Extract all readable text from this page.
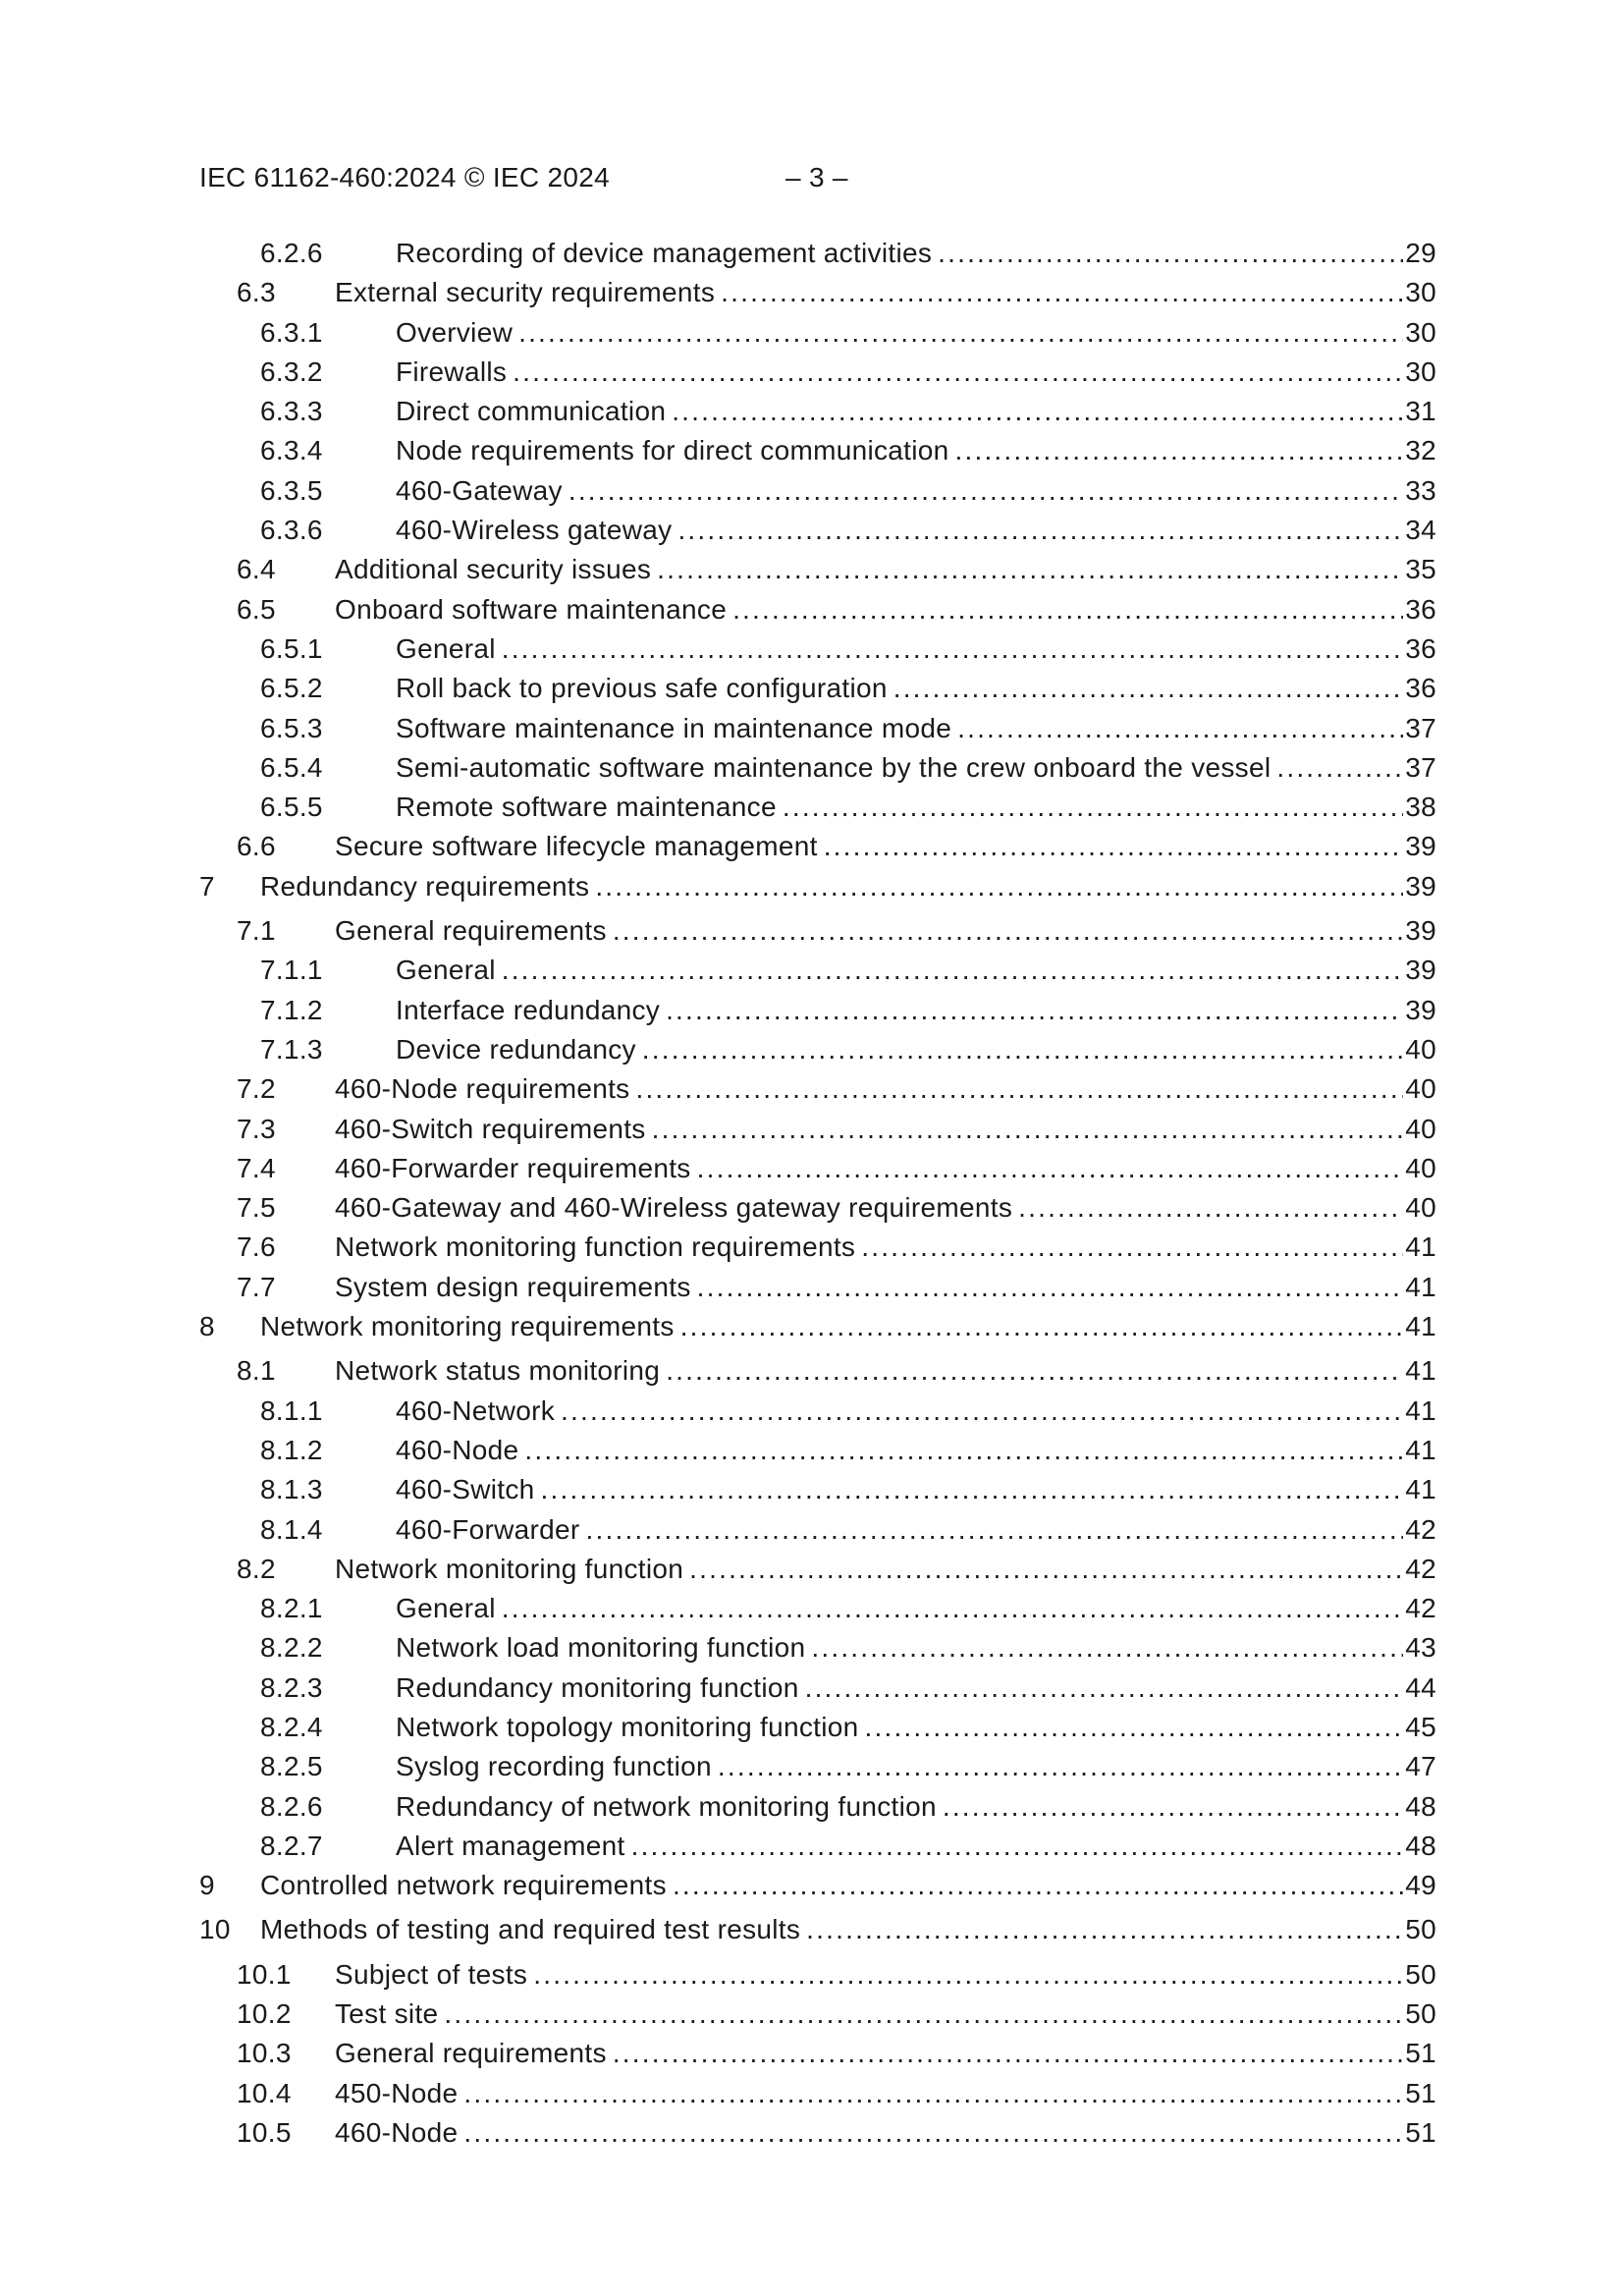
IEC 61162-460:2024 © IEC 2024	– 3 –
6.2.6	Recording of device management activities .....	29
6.3	External security requirements .....	30
6.3.1	Overview .....	30
6.3.2	Firewalls .....	30
6.3.3	Direct communication .....	31
6.3.4	Node requirements for direct communication .....	32
6.3.5	460-Gateway .....	33
6.3.6	460-Wireless gateway .....	34
6.4	Additional security issues .....	35
6.5	Onboard software maintenance .....	36
6.5.1	General .....	36
6.5.2	Roll back to previous safe configuration .....	36
6.5.3	Software maintenance in maintenance mode .....	37
6.5.4	Semi-automatic software maintenance by the crew onboard the vessel .....	37
6.5.5	Remote software maintenance .....	38
6.6	Secure software lifecycle management .....	39
7	Redundancy requirements .....	39
7.1	General requirements .....	39
7.1.1	General .....	39
7.1.2	Interface redundancy .....	39
7.1.3	Device redundancy .....	40
7.2	460-Node requirements .....	40
7.3	460-Switch requirements .....	40
7.4	460-Forwarder requirements .....	40
7.5	460-Gateway and 460-Wireless gateway requirements .....	40
7.6	Network monitoring function requirements .....	41
7.7	System design requirements .....	41
8	Network monitoring requirements .....	41
8.1	Network status monitoring .....	41
8.1.1	460-Network .....	41
8.1.2	460-Node .....	41
8.1.3	460-Switch .....	41
8.1.4	460-Forwarder .....	42
8.2	Network monitoring function .....	42
8.2.1	General .....	42
8.2.2	Network load monitoring function .....	43
8.2.3	Redundancy monitoring function .....	44
8.2.4	Network topology monitoring function .....	45
8.2.5	Syslog recording function .....	47
8.2.6	Redundancy of network monitoring function .....	48
8.2.7	Alert management .....	48
9	Controlled network requirements .....	49
10	Methods of testing and required test results .....	50
10.1	Subject of tests .....	50
10.2	Test site .....	50
10.3	General requirements .....	51
10.4	450-Node .....	51
10.5	460-Node .....	51
